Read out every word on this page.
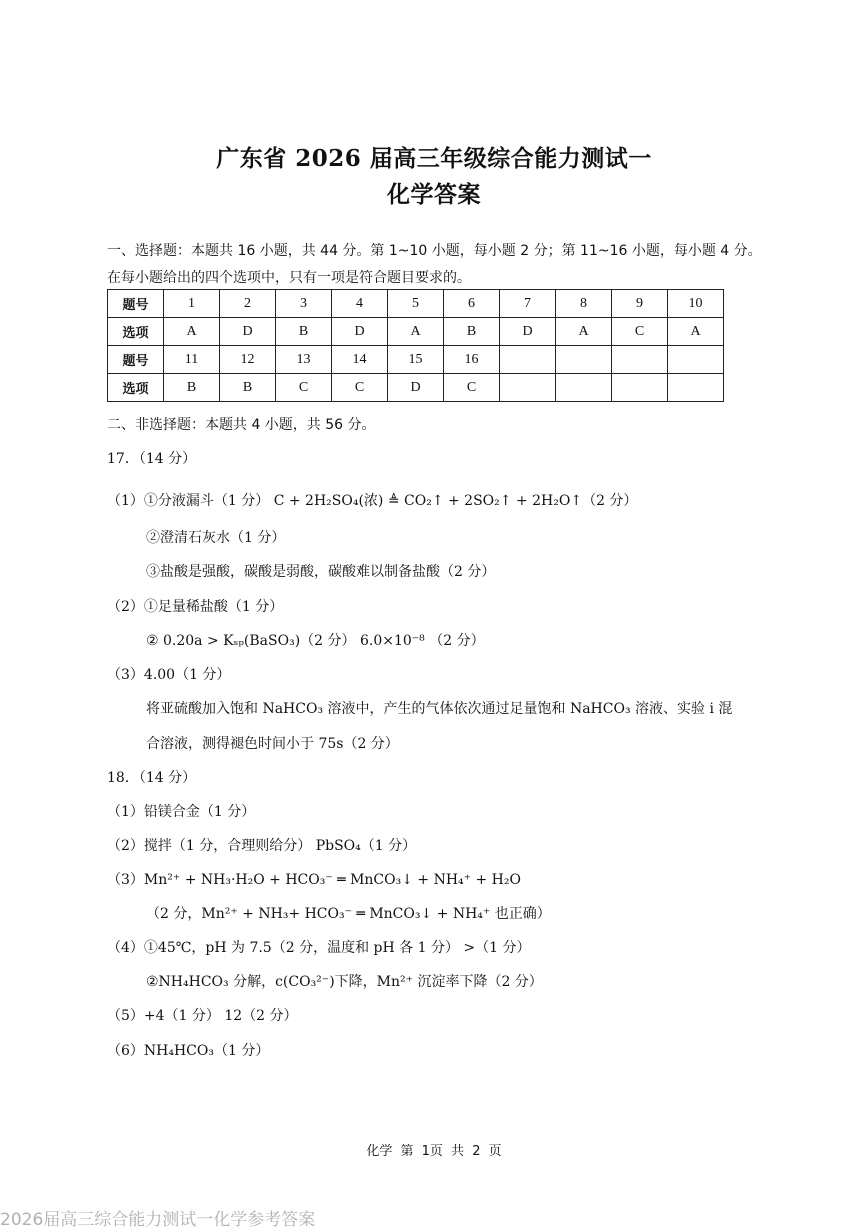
广东省 2026 届高三年级综合能力测试一
化学答案
一、选择题：本题共 16 小题，共 44 分。第 1~10 小题，每小题 2 分；第 11~16 小题，每小题 4 分。
在每小题给出的四个选项中，只有一项是符合题目要求的。
题号	1	2	3	4	5	6	7	8	9	10
选项	A	D	B	D	A	B	D	A	C	A
题号	11	12	13	14	15	16				
选项	B	B	C	C	D	C				
二、非选择题：本题共 4 小题，共 56 分。
17．（14 分）
（1）①分液漏斗（1 分） C + 2H₂SO₄(浓) ≜ CO₂↑ + 2SO₂↑ + 2H₂O↑（2 分）
②澄清石灰水（1 分）
③盐酸是强酸，碳酸是弱酸，碳酸难以制备盐酸（2 分）
（2）①足量稀盐酸（1 分）
② 0.20a > Kₛₚ(BaSO₃)（2 分） 6.0×10⁻⁸ （2 分）
（3）4.00（1 分）
将亚硫酸加入饱和 NaHCO₃ 溶液中，产生的气体依次通过足量饱和 NaHCO₃ 溶液、实验 i 混
合溶液，测得褪色时间小于 75s（2 分）
18．（14 分）
（1）铅镁合金（1 分）
（2）搅拌（1 分，合理则给分） PbSO₄（1 分）
（3）Mn²⁺ + NH₃·H₂O + HCO₃⁻ ═ MnCO₃↓ + NH₄⁺ + H₂O
（2 分，Mn²⁺ + NH₃+ HCO₃⁻ ═ MnCO₃↓ + NH₄⁺ 也正确）
（4）①45℃，pH 为 7.5（2 分，温度和 pH 各 1 分） >（1 分）
②NH₄HCO₃ 分解，c(CO₃²⁻)下降，Mn²⁺ 沉淀率下降（2 分）
（5）+4（1 分） 12（2 分）
（6）NH₄HCO₃（1 分）
化学 第 1页 共 2 页
2026届高三综合能力测试一化学参考答案
